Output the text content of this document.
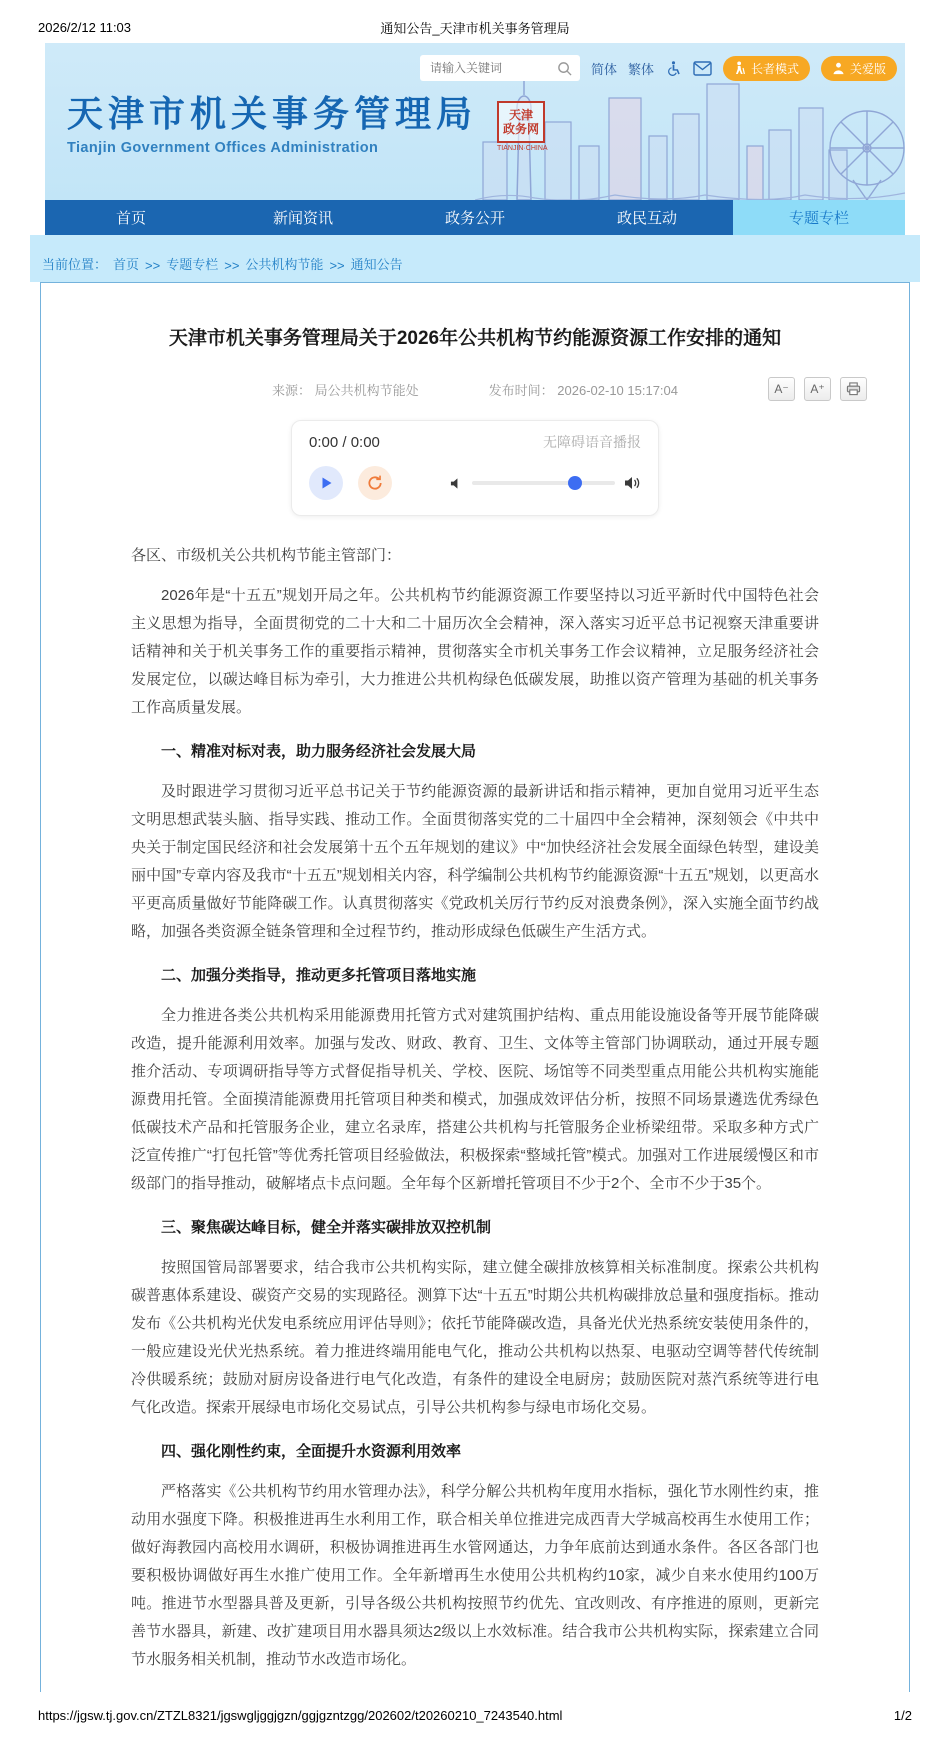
2026/2/12 11:03	通知公告_天津市机关事务管理局
请输入关键词
简体 繁体	长者模式	关爱版
天津市机关事务管理局
Tianjin Government Offices Administration
天津
政务网
TIANJIN·CHINA
首页	新闻资讯	政务公开	政民互动	专题专栏
当前位置： 首页 >> 专题专栏 >> 公共机构节能 >> 通知公告
天津市机关事务管理局关于2026年公共机构节约能源资源工作安排的通知
来源： 局公共机构节能处	发布时间： 2026-02-10 15:17:04	A⁻	A⁺
0:00 / 0:00	无障碍语音播报

各区、市级机关公共机构节能主管部门：

2026年是“十五五”规划开局之年。公共机构节约能源资源工作要坚持以习近平新时代中国特色社会主义思想为指导，全面贯彻党的二十大和二十届历次全会精神，深入落实习近平总书记视察天津重要讲话精神和关于机关事务工作的重要指示精神，贯彻落实全市机关事务工作会议精神，立足服务经济社会发展定位，以碳达峰目标为牵引，大力推进公共机构绿色低碳发展，助推以资产管理为基础的机关事务工作高质量发展。

一、精准对标对表，助力服务经济社会发展大局

及时跟进学习贯彻习近平总书记关于节约能源资源的最新讲话和指示精神，更加自觉用习近平生态文明思想武装头脑、指导实践、推动工作。全面贯彻落实党的二十届四中全会精神，深刻领会《中共中央关于制定国民经济和社会发展第十五个五年规划的建议》中“加快经济社会发展全面绿色转型，建设美丽中国”专章内容及我市“十五五”规划相关内容，科学编制公共机构节约能源资源“十五五”规划，以更高水平更高质量做好节能降碳工作。认真贯彻落实《党政机关厉行节约反对浪费条例》，深入实施全面节约战略，加强各类资源全链条管理和全过程节约，推动形成绿色低碳生产生活方式。

二、加强分类指导，推动更多托管项目落地实施

全力推进各类公共机构采用能源费用托管方式对建筑围护结构、重点用能设施设备等开展节能降碳改造，提升能源利用效率。加强与发改、财政、教育、卫生、文体等主管部门协调联动，通过开展专题推介活动、专项调研指导等方式督促指导机关、学校、医院、场馆等不同类型重点用能公共机构实施能源费用托管。全面摸清能源费用托管项目种类和模式，加强成效评估分析，按照不同场景遴选优秀绿色低碳技术产品和托管服务企业，建立名录库，搭建公共机构与托管服务企业桥梁纽带。采取多种方式广泛宣传推广“打包托管”等优秀托管项目经验做法，积极探索“整域托管”模式。加强对工作进展缓慢区和市级部门的指导推动，破解堵点卡点问题。全年每个区新增托管项目不少于2个、全市不少于35个。

三、聚焦碳达峰目标，健全并落实碳排放双控机制

按照国管局部署要求，结合我市公共机构实际，建立健全碳排放核算相关标准制度。探索公共机构碳普惠体系建设、碳资产交易的实现路径。测算下达“十五五”时期公共机构碳排放总量和强度指标。推动发布《公共机构光伏发电系统应用评估导则》；依托节能降碳改造，具备光伏光热系统安装使用条件的，一般应建设光伏光热系统。着力推进终端用能电气化，推动公共机构以热泵、电驱动空调等替代传统制冷供暖系统；鼓励对厨房设备进行电气化改造，有条件的建设全电厨房；鼓励医院对蒸汽系统等进行电气化改造。探索开展绿电市场化交易试点，引导公共机构参与绿电市场化交易。

四、强化刚性约束，全面提升水资源利用效率

严格落实《公共机构节约用水管理办法》，科学分解公共机构年度用水指标，强化节水刚性约束，推动用水强度下降。积极推进再生水利用工作，联合相关单位推进完成西青大学城高校再生水使用工作；做好海教园内高校用水调研，积极协调推进再生水管网通达，力争年底前达到通水条件。各区各部门也要积极协调做好再生水推广使用工作。全年新增再生水使用公共机构约10家，减少自来水使用约100万吨。推进节水型器具普及更新，引导各级公共机构按照节约优先、宜改则改、有序推进的原则，更新完善节水器具，新建、改扩建项目用水器具须达2级以上水效标准。结合我市公共机构实际，探索建立合同节水服务相关机制，推动节水改造市场化。

https://jgsw.tj.gov.cn/ZTZL8321/jgswgljggjgzn/ggjgzntzgg/202602/t20260210_7243540.html	1/2
